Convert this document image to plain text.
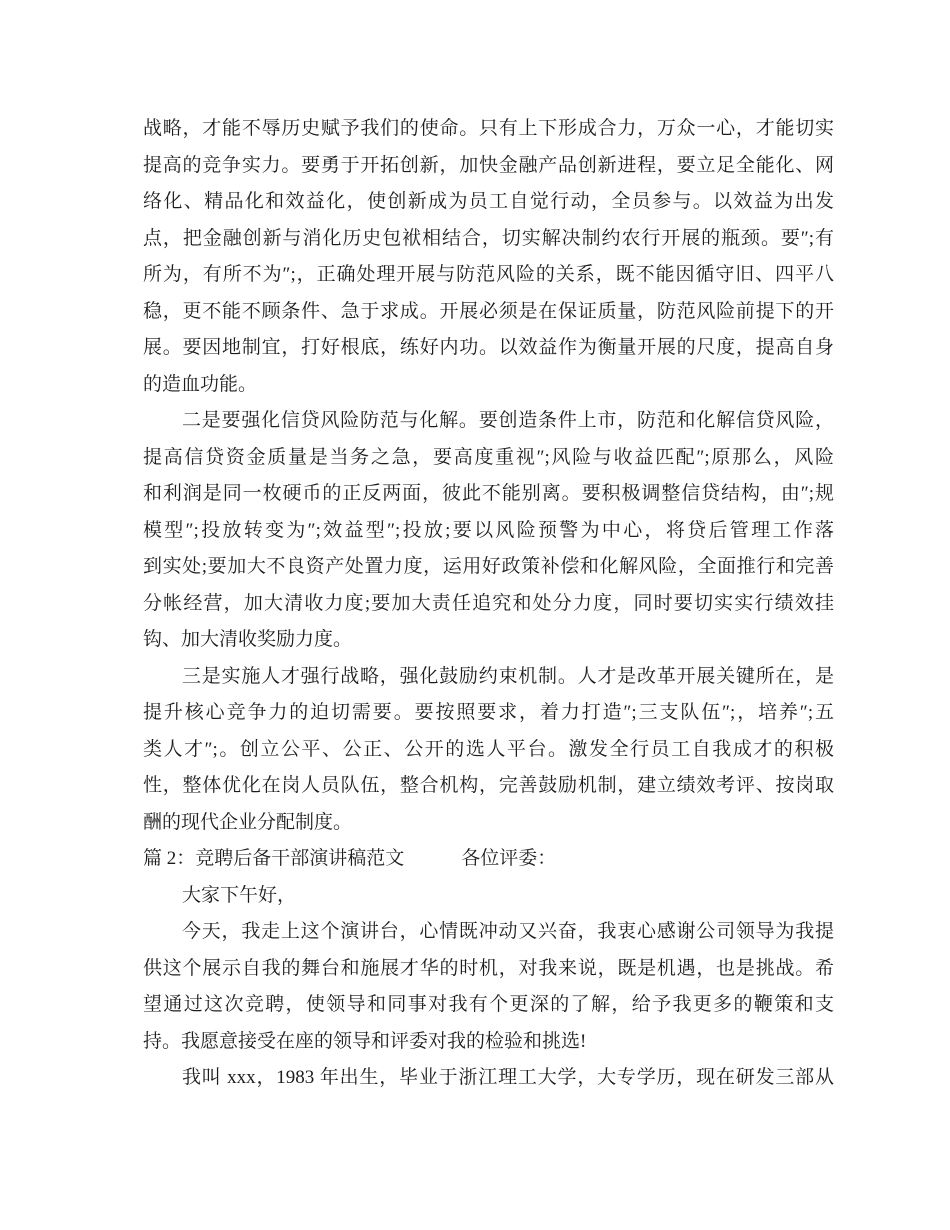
战略，才能不辱历史赋予我们的使命。只有上下形成合力，万众一心，才能切实
提高的竞争实力。要勇于开拓创新，加快金融产品创新进程，要立足全能化、网
络化、精品化和效益化，使创新成为员工自觉行动，全员参与。以效益为出发
点，把金融创新与消化历史包袱相结合，切实解决制约农行开展的瓶颈。要″;有
所为，有所不为″;，正确处理开展与防范风险的关系，既不能因循守旧、四平八
稳，更不能不顾条件、急于求成。开展必须是在保证质量，防范风险前提下的开
展。要因地制宜，打好根底，练好内功。以效益作为衡量开展的尺度，提高自身
的造血功能。
二是要强化信贷风险防范与化解。要创造条件上市，防范和化解信贷风险，
提高信贷资金质量是当务之急，要高度重视″;风险与收益匹配″;原那么，风险
和利润是同一枚硬币的正反两面，彼此不能别离。要积极调整信贷结构，由″;规
模型″;投放转变为″;效益型″;投放;要以风险预警为中心，将贷后管理工作落
到实处;要加大不良资产处置力度，运用好政策补偿和化解风险，全面推行和完善
分帐经营，加大清收力度;要加大责任追究和处分力度，同时要切实实行绩效挂
钩、加大清收奖励力度。
三是实施人才强行战略，强化鼓励约束机制。人才是改革开展关键所在，是
提升核心竞争力的迫切需要。要按照要求，着力打造″;三支队伍″;，培养″;五
类人才″;。创立公平、公正、公开的选人平台。激发全行员工自我成才的积极
性，整体优化在岗人员队伍，整合机构，完善鼓励机制，建立绩效考评、按岗取
酬的现代企业分配制度。
篇 2：竞聘后备干部演讲稿范文　　　各位评委：
大家下午好，
今天，我走上这个演讲台，心情既冲动又兴奋，我衷心感谢公司领导为我提
供这个展示自我的舞台和施展才华的时机，对我来说，既是机遇，也是挑战。希
望通过这次竞聘，使领导和同事对我有个更深的了解，给予我更多的鞭策和支
持。我愿意接受在座的领导和评委对我的检验和挑选!
我叫 xxx，1983 年出生，毕业于浙江理工大学，大专学历，现在研发三部从
